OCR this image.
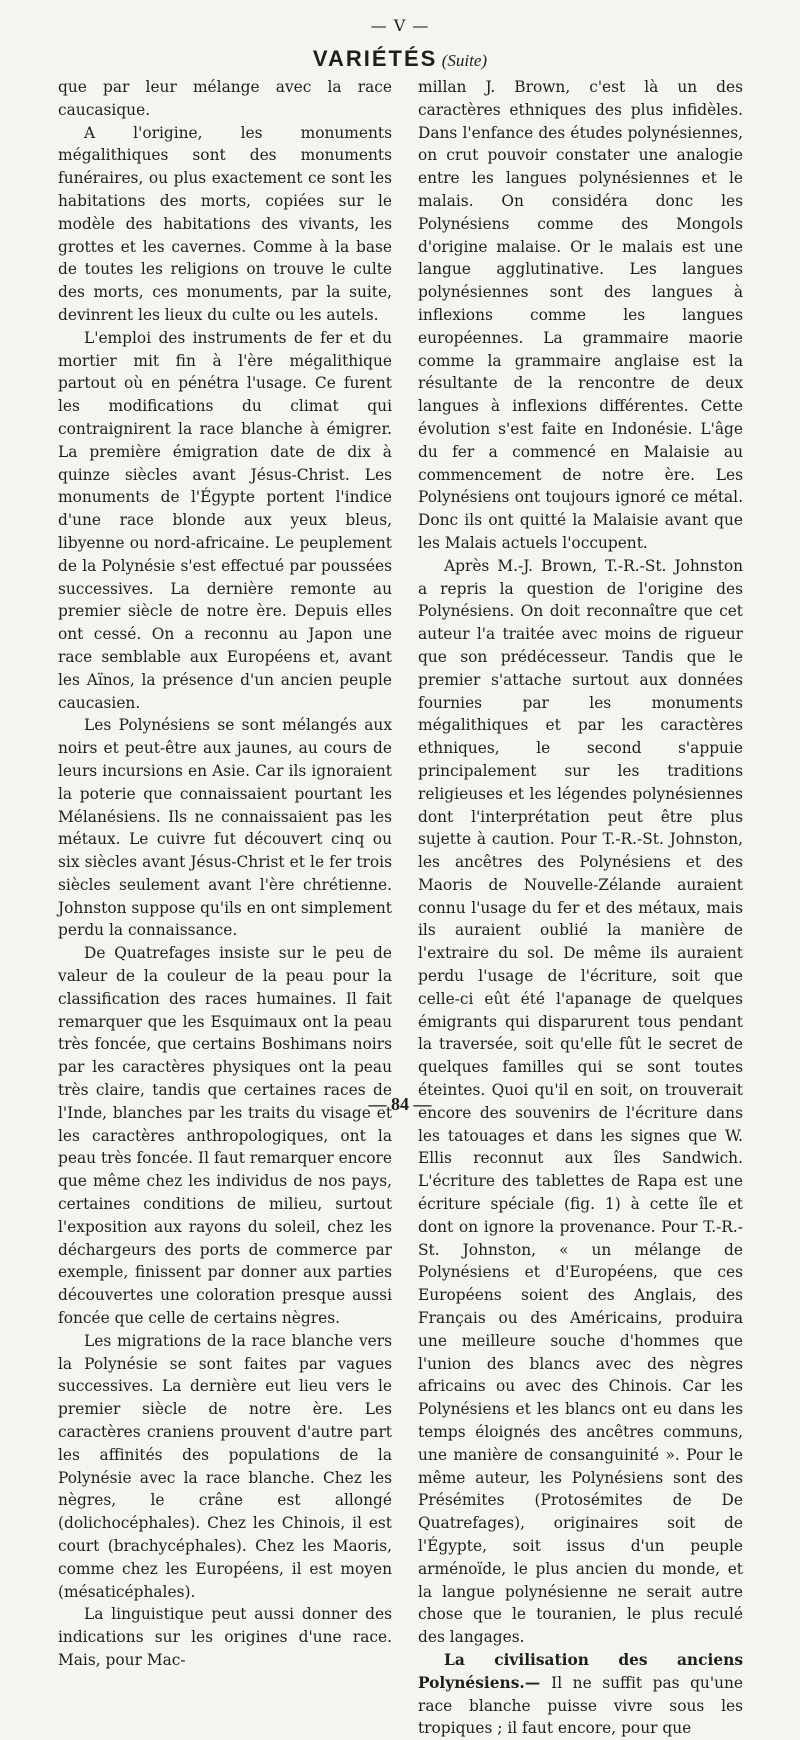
— V —
VARIÉTÉS (Suite)

que par leur mélange avec la race caucasique.

A l'origine, les monuments mégalithiques sont des monuments funéraires, ou plus exactement ce sont les habitations des morts, copiées sur le modèle des habitations des vivants, les grottes et les cavernes. Comme à la base de toutes les religions on trouve le culte des morts, ces monuments, par la suite, devinrent les lieux du culte ou les autels.

L'emploi des instruments de fer et du mortier mit fin à l'ère mégalithique partout où en pénétra l'usage. Ce furent les modifications du climat qui contraignirent la race blanche à émigrer. La première émigration date de dix à quinze siècles avant Jésus-Christ. Les monuments de l'Égypte portent l'indice d'une race blonde aux yeux bleus, libyenne ou nord-africaine. Le peuplement de la Polynésie s'est effectué par poussées successives. La dernière remonte au premier siècle de notre ère. Depuis elles ont cessé. On a reconnu au Japon une race semblable aux Européens et, avant les Aïnos, la présence d'un ancien peuple caucasien.

Les Polynésiens se sont mélangés aux noirs et peut-être aux jaunes, au cours de leurs incursions en Asie. Car ils ignoraient la poterie que connaissaient pourtant les Mélanésiens. Ils ne connaissaient pas les métaux. Le cuivre fut découvert cinq ou six siècles avant Jésus-Christ et le fer trois siècles seulement avant l'ère chrétienne. Johnston suppose qu'ils en ont simplement perdu la connaissance.

De Quatrefages insiste sur le peu de valeur de la couleur de la peau pour la classification des races humaines. Il fait remarquer que les Esquimaux ont la peau très foncée, que certains Boshimans noirs par les caractères physiques ont la peau très claire, tandis que certaines races de l'Inde, blanches par les traits du visage et les caractères anthropologiques, ont la peau très foncée. Il faut remarquer encore que même chez les individus de nos pays, certaines conditions de milieu, surtout l'exposition aux rayons du soleil, chez les déchargeurs des ports de commerce par exemple, finissent par donner aux parties découvertes une coloration presque aussi foncée que celle de certains nègres.

Les migrations de la race blanche vers la Polynésie se sont faites par vagues successives. La dernière eut lieu vers le premier siècle de notre ère. Les caractères craniens prouvent d'autre part les affinités des populations de la Polynésie avec la race blanche. Chez les nègres, le crâne est allongé (dolichocéphales). Chez les Chinois, il est court (brachycéphales). Chez les Maoris, comme chez les Européens, il est moyen (mésaticéphales).

La linguistique peut aussi donner des indications sur les origines d'une race. Mais, pour Mac-

millan J. Brown, c'est là un des caractères ethniques des plus infidèles. Dans l'enfance des études polynésiennes, on crut pouvoir constater une analogie entre les langues polynésiennes et le malais. On considéra donc les Polynésiens comme des Mongols d'origine malaise. Or le malais est une langue agglutinative. Les langues polynésiennes sont des langues à inflexions comme les langues européennes. La grammaire maorie comme la grammaire anglaise est la résultante de la rencontre de deux langues à inflexions différentes. Cette évolution s'est faite en Indonésie. L'âge du fer a commencé en Malaisie au commencement de notre ère. Les Polynésiens ont toujours ignoré ce métal. Donc ils ont quitté la Malaisie avant que les Malais actuels l'occupent.

Après M.-J. Brown, T.-R.-St. Johnston a repris la question de l'origine des Polynésiens. On doit reconnaître que cet auteur l'a traitée avec moins de rigueur que son prédécesseur. Tandis que le premier s'attache surtout aux données fournies par les monuments mégalithiques et par les caractères ethniques, le second s'appuie principalement sur les traditions religieuses et les légendes polynésiennes dont l'interprétation peut être plus sujette à caution. Pour T.-R.-St. Johnston, les ancêtres des Polynésiens et des Maoris de Nouvelle-Zélande auraient connu l'usage du fer et des métaux, mais ils auraient oublié la manière de l'extraire du sol. De même ils auraient perdu l'usage de l'écriture, soit que celle-ci eût été l'apanage de quelques émigrants qui disparurent tous pendant la traversée, soit qu'elle fût le secret de quelques familles qui se sont toutes éteintes. Quoi qu'il en soit, on trouverait encore des souvenirs de l'écriture dans les tatouages et dans les signes que W. Ellis reconnut aux îles Sandwich. L'écriture des tablettes de Rapa est une écriture spéciale (fig. 1) à cette île et dont on ignore la provenance. Pour T.-R.-St. Johnston, « un mélange de Polynésiens et d'Européens, que ces Européens soient des Anglais, des Français ou des Américains, produira une meilleure souche d'hommes que l'union des blancs avec des nègres africains ou avec des Chinois. Car les Polynésiens et les blancs ont eu dans les temps éloignés des ancêtres communs, une manière de consanguinité ». Pour le même auteur, les Polynésiens sont des Présémites (Protosémites de De Quatrefages), originaires soit de l'Égypte, soit issus d'un peuple arménoïde, le plus ancien du monde, et la langue polynésienne ne serait autre chose que le touranien, le plus reculé des langages.

La civilisation des anciens Polynésiens.— Il ne suffit pas qu'une race blanche puisse vivre sous les tropiques ; il faut encore, pour que

— 84 —
